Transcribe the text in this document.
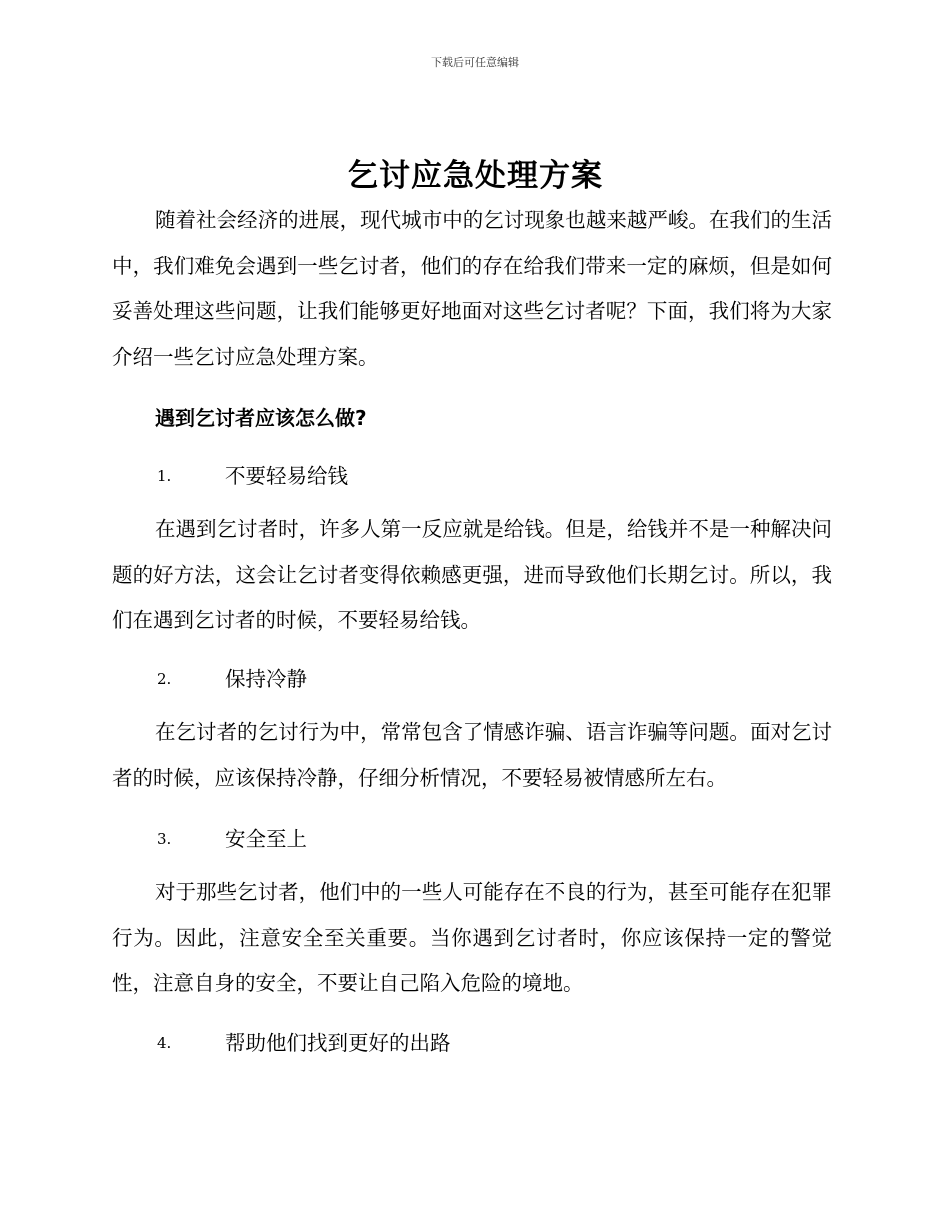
下载后可任意编辑
乞讨应急处理方案

随着社会经济的进展，现代城市中的乞讨现象也越来越严峻。在我们的生活中，我们难免会遇到一些乞讨者，他们的存在给我们带来一定的麻烦，但是如何妥善处理这些问题，让我们能够更好地面对这些乞讨者呢？下面，我们将为大家介绍一些乞讨应急处理方案。

遇到乞讨者应该怎么做?

1.	不要轻易给钱

在遇到乞讨者时，许多人第一反应就是给钱。但是，给钱并不是一种解决问题的好方法，这会让乞讨者变得依赖感更强，进而导致他们长期乞讨。所以，我们在遇到乞讨者的时候，不要轻易给钱。

2.	保持冷静

在乞讨者的乞讨行为中，常常包含了情感诈骗、语言诈骗等问题。面对乞讨者的时候，应该保持冷静，仔细分析情况，不要轻易被情感所左右。

3.	安全至上

对于那些乞讨者，他们中的一些人可能存在不良的行为，甚至可能存在犯罪行为。因此，注意安全至关重要。当你遇到乞讨者时，你应该保持一定的警觉性，注意自身的安全，不要让自己陷入危险的境地。

4.	帮助他们找到更好的出路
